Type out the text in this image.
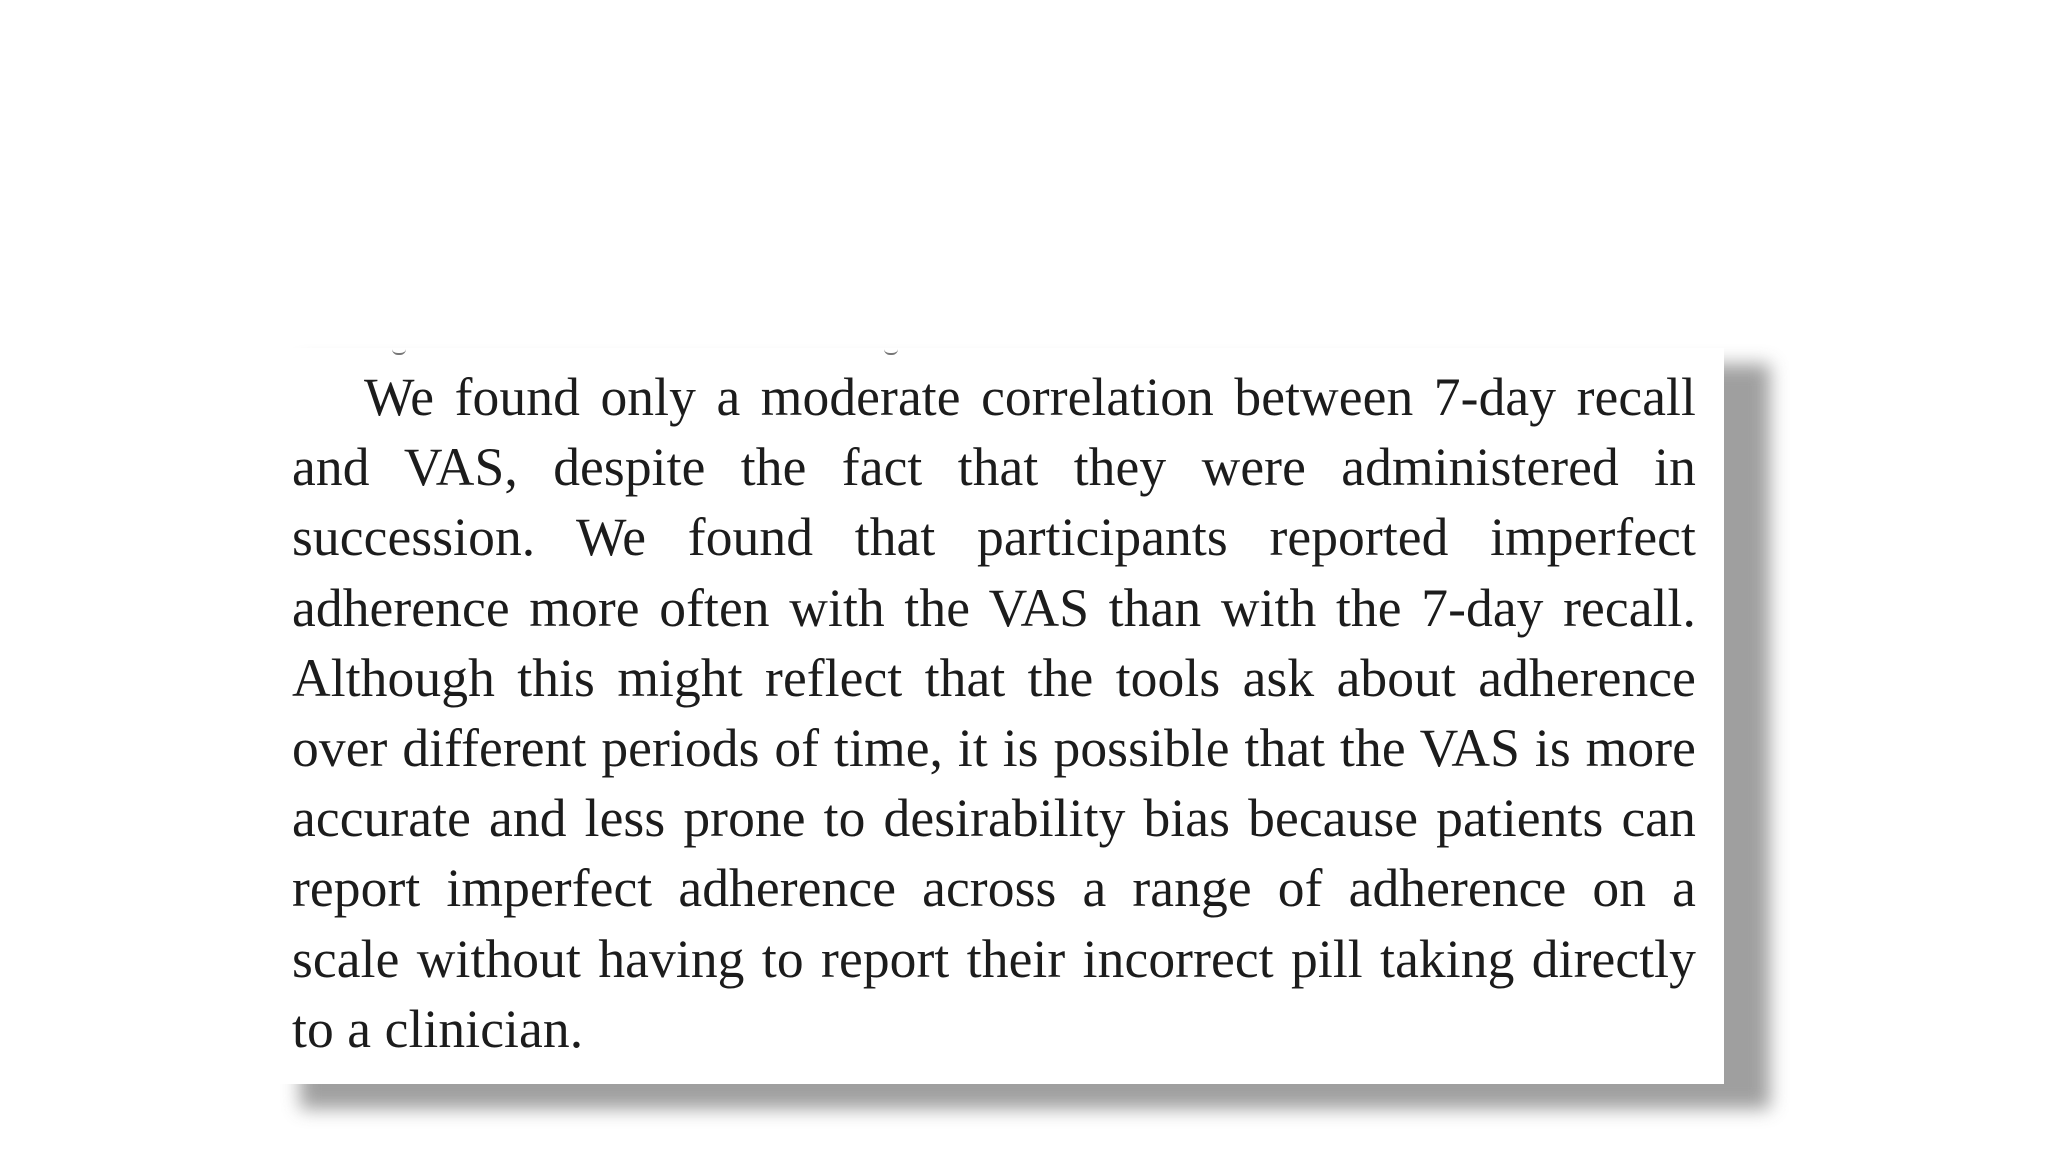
We found only a moderate correlation between 7-day recall and VAS, despite the fact that they were administered in succession. We found that participants reported imperfect adherence more often with the VAS than with the 7-day recall. Although this might reflect that the tools ask about adherence over different periods of time, it is possible that the VAS is more accurate and less prone to desirability bias because patients can report imperfect adherence across a range of adherence on a scale without having to report their incorrect pill taking directly to a clinician.
